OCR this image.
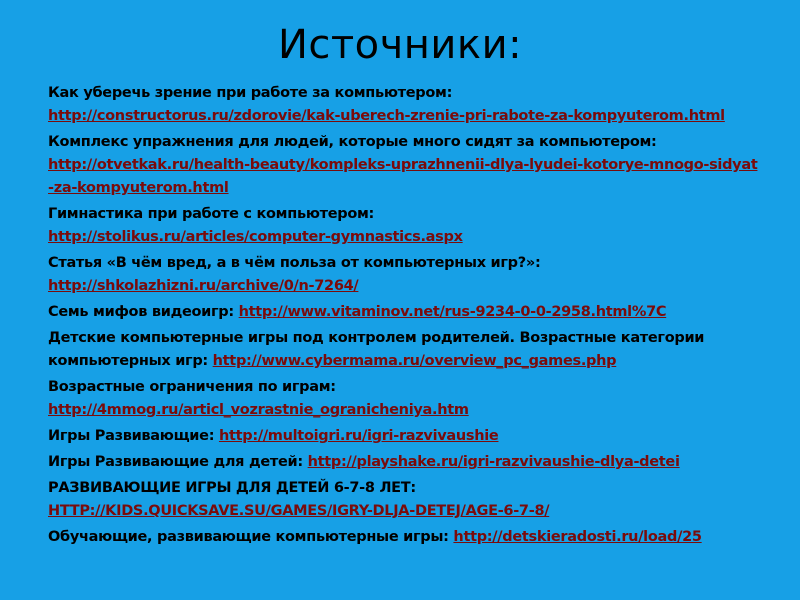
Источники:
Как уберечь зрение при работе за компьютером:
http://constructorus.ru/zdorovie/kak-uberech-zrenie-pri-rabote-za-kompyuterom.html
Комплекс упражнения для людей, которые много сидят за компьютером:
http://otvetkak.ru/health-beauty/kompleks-uprazhnenii-dlya-lyudei-kotorye-mnogo-sidyat-za-kompyuterom.html
Гимнастика при работе с компьютером:
http://stolikus.ru/articles/computer-gymnastics.aspx
Статья «В чём вред, а в чём польза от компьютерных игр?»:
http://shkolazhizni.ru/archive/0/n-7264/
Семь мифов видеоигр: http://www.vitaminov.net/rus-9234-0-0-2958.html%7C
Детские компьютерные игры под контролем родителей. Возрастные категории компьютерных игр: http://www.cybermama.ru/overview_pc_games.php
Возрастные ограничения по играм:
http://4mmog.ru/articl_vozrastnie_ogranicheniya.htm
Игры Развивающие: http://multoigri.ru/igri-razvivaushie
Игры Развивающие для детей: http://playshake.ru/igri-razvivaushie-dlya-detei
РАЗВИВАЮЩИЕ ИГРЫ ДЛЯ ДЕТЕЙ 6-7-8 ЛЕТ:
HTTP://KIDS.QUICKSAVE.SU/GAMES/IGRY-DLJA-DETEJ/AGE-6-7-8/
Обучающие, развивающие компьютерные игры: http://detskieradosti.ru/load/25
